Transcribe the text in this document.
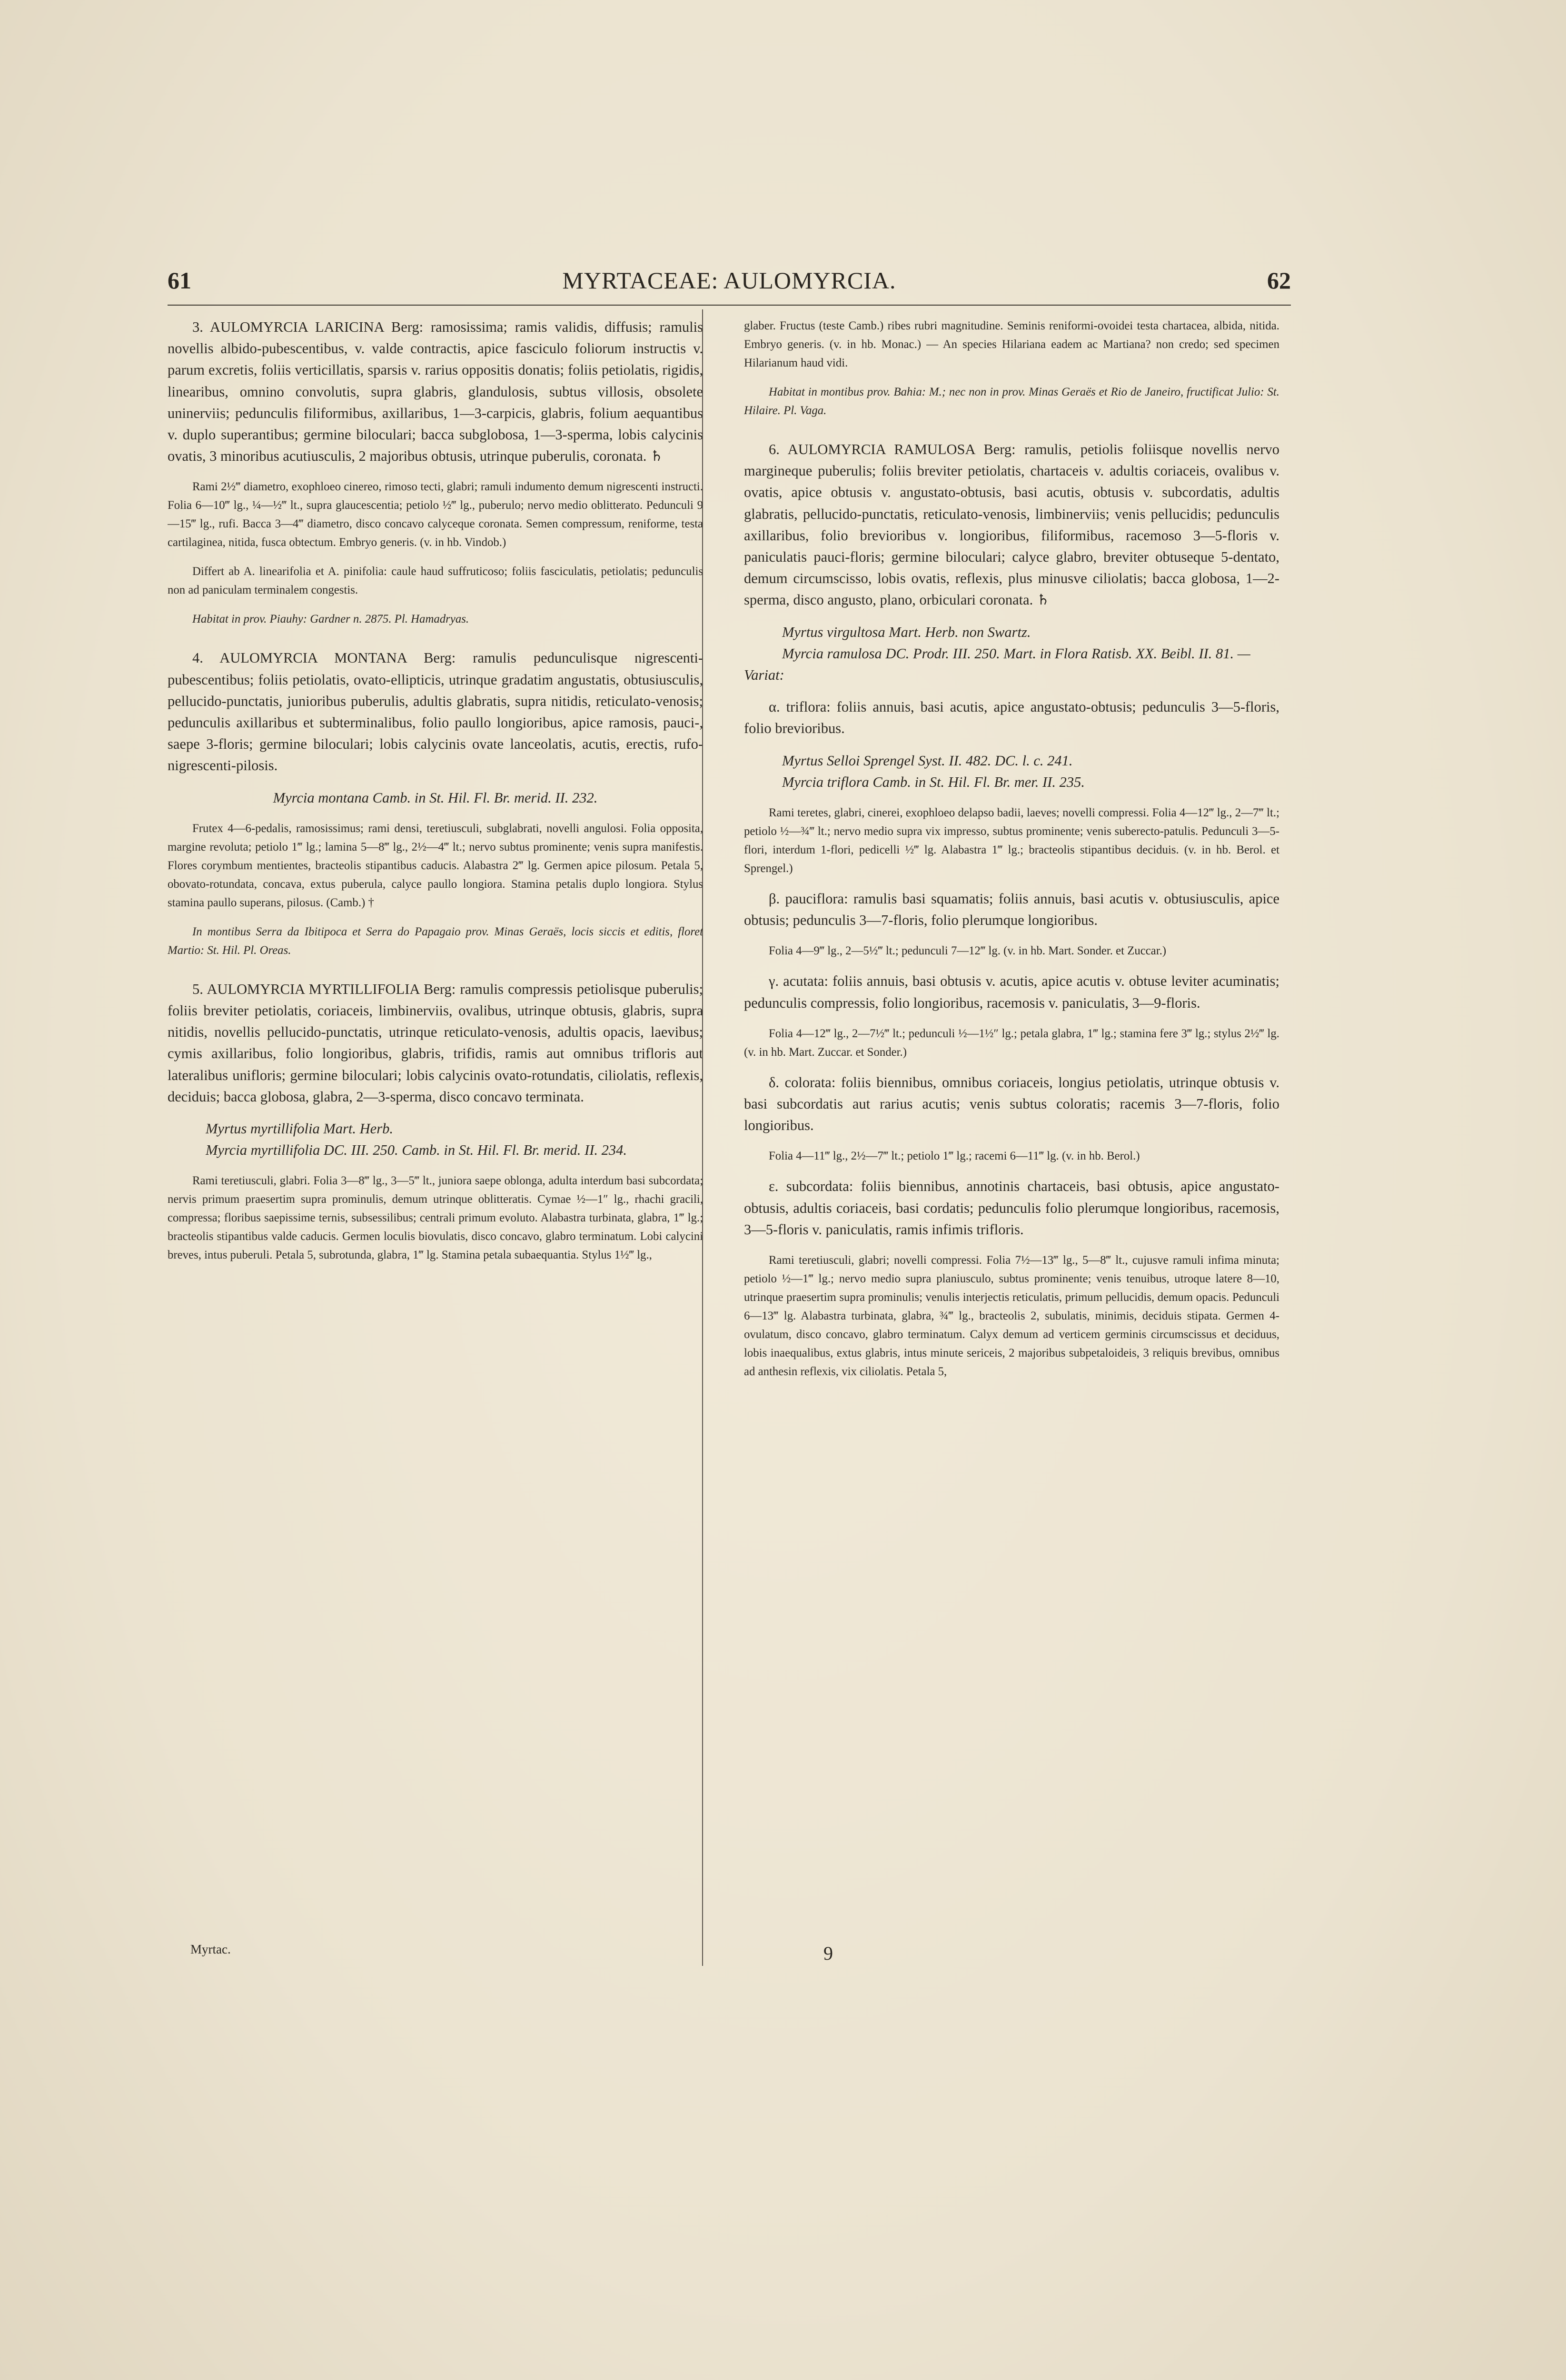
61	MYRTACEAE: AULOMYRCIA.	62

3. AULOMYRCIA LARICINA Berg: ramosissima; ramis validis, diffusis; ramulis novellis albido-pubescentibus, v. valde contractis, apice fasciculo foliorum instructis v. parum excretis, foliis verticillatis, sparsis v. rarius oppositis donatis; foliis petiolatis, rigidis, linearibus, omnino convolutis, supra glabris, glandulosis, subtus villosis, obsolete uninerviis; pedunculis filiformibus, axillaribus, 1—3-carpicis, glabris, folium aequantibus v. duplo superantibus; germine biloculari; bacca subglobosa, 1—3-sperma, lobis calycinis ovatis, 3 minoribus acutiusculis, 2 majoribus obtusis, utrinque puberulis, coronata. ♄

Rami 2½‴ diametro, exophloeo cinereo, rimoso tecti, glabri; ramuli indumento demum nigrescenti instructi. Folia 6—10‴ lg., ¼—½‴ lt., supra glaucescentia; petiolo ½‴ lg., puberulo; nervo medio oblitterato. Pedunculi 9—15‴ lg., rufi. Bacca 3—4‴ diametro, disco concavo calyceque coronata. Semen compressum, reniforme, testa cartilaginea, nitida, fusca obtectum. Embryo generis. (v. in hb. Vindob.)

Differt ab A. linearifolia et A. pinifolia: caule haud suffruticoso; foliis fasciculatis, petiolatis; pedunculis non ad paniculam terminalem congestis.

Habitat in prov. Piauhy: Gardner n. 2875. Pl. Hamadryas.

4. AULOMYRCIA MONTANA Berg: ramulis pedunculisque nigrescenti-pubescentibus; foliis petiolatis, ovato-ellipticis, utrinque gradatim angustatis, obtusiusculis, pellucido-punctatis, junioribus puberulis, adultis glabratis, supra nitidis, reticulato-venosis; pedunculis axillaribus et subterminalibus, folio paullo longioribus, apice ramosis, pauci-, saepe 3-floris; germine biloculari; lobis calycinis ovate lanceolatis, acutis, erectis, rufo-nigrescenti-pilosis.

Myrcia montana Camb. in St. Hil. Fl. Br. merid. II. 232.

Frutex 4—6-pedalis, ramosissimus; rami densi, teretiusculi, subglabrati, novelli angulosi. Folia opposita, margine revoluta; petiolo 1‴ lg.; lamina 5—8‴ lg., 2½—4‴ lt.; nervo subtus prominente; venis supra manifestis. Flores corymbum mentientes, bracteolis stipantibus caducis. Alabastra 2‴ lg. Germen apice pilosum. Petala 5, obovato-rotundata, concava, extus puberula, calyce paullo longiora. Stamina petalis duplo longiora. Stylus stamina paullo superans, pilosus. (Camb.) †

In montibus Serra da Ibitipoca et Serra do Papagaio prov. Minas Geraës, locis siccis et editis, floret Martio: St. Hil. Pl. Oreas.

5. AULOMYRCIA MYRTILLIFOLIA Berg: ramulis compressis petiolisque puberulis; foliis breviter petiolatis, coriaceis, limbinerviis, ovalibus, utrinque obtusis, glabris, supra nitidis, novellis pellucido-punctatis, utrinque reticulato-venosis, adultis opacis, laevibus; cymis axillaribus, folio longioribus, glabris, trifidis, ramis aut omnibus trifloris aut lateralibus unifloris; germine biloculari; lobis calycinis ovato-rotundatis, ciliolatis, reflexis, deciduis; bacca globosa, glabra, 2—3-sperma, disco concavo terminata.

Myrtus myrtillifolia Mart. Herb.

Myrcia myrtillifolia DC. III. 250. Camb. in St. Hil. Fl. Br. merid. II. 234.

Rami teretiusculi, glabri. Folia 3—8‴ lg., 3—5‴ lt., juniora saepe oblonga, adulta interdum basi subcordata; nervis primum praesertim supra prominulis, demum utrinque oblitteratis. Cymae ½—1″ lg., rhachi gracili, compressa; floribus saepissime ternis, subsessilibus; centrali primum evoluto. Alabastra turbinata, glabra, 1‴ lg.; bracteolis stipantibus valde caducis. Germen loculis biovulatis, disco concavo, glabro terminatum. Lobi calycini breves, intus puberuli. Petala 5, subrotunda, glabra, 1‴ lg. Stamina petala subaequantia. Stylus 1½‴ lg.,

glaber. Fructus (teste Camb.) ribes rubri magnitudine. Seminis reniformi-ovoidei testa chartacea, albida, nitida. Embryo generis. (v. in hb. Monac.) — An species Hilariana eadem ac Martiana? non credo; sed specimen Hilarianum haud vidi.

Habitat in montibus prov. Bahia: M.; nec non in prov. Minas Geraës et Rio de Janeiro, fructificat Julio: St. Hilaire. Pl. Vaga.

6. AULOMYRCIA RAMULOSA Berg: ramulis, petiolis foliisque novellis nervo margineque puberulis; foliis breviter petiolatis, chartaceis v. adultis coriaceis, ovalibus v. ovatis, apice obtusis v. angustato-obtusis, basi acutis, obtusis v. subcordatis, adultis glabratis, pellucido-punctatis, reticulato-venosis, limbinerviis; venis pellucidis; pedunculis axillaribus, folio brevioribus v. longioribus, filiformibus, racemoso 3—5-floris v. paniculatis pauci-floris; germine biloculari; calyce glabro, breviter obtuseque 5-dentato, demum circumscisso, lobis ovatis, reflexis, plus minusve ciliolatis; bacca globosa, 1—2-sperma, disco angusto, plano, orbiculari coronata. ♄

Myrtus virgultosa Mart. Herb. non Swartz.

Myrcia ramulosa DC. Prodr. III. 250. Mart. in Flora Ratisb. XX. Beibl. II. 81. — Variat:

α. triflora: foliis annuis, basi acutis, apice angustato-obtusis; pedunculis 3—5-floris, folio brevioribus.

Myrtus Selloi Sprengel Syst. II. 482. DC. l. c. 241.

Myrcia triflora Camb. in St. Hil. Fl. Br. mer. II. 235.

Rami teretes, glabri, cinerei, exophloeo delapso badii, laeves; novelli compressi. Folia 4—12‴ lg., 2—7‴ lt.; petiolo ½—¾‴ lt.; nervo medio supra vix impresso, subtus prominente; venis suberecto-patulis. Pedunculi 3—5-flori, interdum 1-flori, pedicelli ½‴ lg. Alabastra 1‴ lg.; bracteolis stipantibus deciduis. (v. in hb. Berol. et Sprengel.)

β. pauciflora: ramulis basi squamatis; foliis annuis, basi acutis v. obtusiusculis, apice obtusis; pedunculis 3—7-floris, folio plerumque longioribus.

Folia 4—9‴ lg., 2—5½‴ lt.; pedunculi 7—12‴ lg. (v. in hb. Mart. Sonder. et Zuccar.)

γ. acutata: foliis annuis, basi obtusis v. acutis, apice acutis v. obtuse leviter acuminatis; pedunculis compressis, folio longioribus, racemosis v. paniculatis, 3—9-floris.

Folia 4—12‴ lg., 2—7½‴ lt.; pedunculi ½—1½″ lg.; petala glabra, 1‴ lg.; stamina fere 3‴ lg.; stylus 2½‴ lg. (v. in hb. Mart. Zuccar. et Sonder.)

δ. colorata: foliis biennibus, omnibus coriaceis, longius petiolatis, utrinque obtusis v. basi subcordatis aut rarius acutis; venis subtus coloratis; racemis 3—7-floris, folio longioribus.

Folia 4—11‴ lg., 2½—7‴ lt.; petiolo 1‴ lg.; racemi 6—11‴ lg. (v. in hb. Berol.)

ε. subcordata: foliis biennibus, annotinis chartaceis, basi obtusis, apice angustato-obtusis, adultis coriaceis, basi cordatis; pedunculis folio plerumque longioribus, racemosis, 3—5-floris v. paniculatis, ramis infimis trifloris.

Rami teretiusculi, glabri; novelli compressi. Folia 7½—13‴ lg., 5—8‴ lt., cujusve ramuli infima minuta; petiolo ½—1‴ lg.; nervo medio supra planiusculo, subtus prominente; venis tenuibus, utroque latere 8—10, utrinque praesertim supra prominulis; venulis interjectis reticulatis, primum pellucidis, demum opacis. Pedunculi 6—13‴ lg. Alabastra turbinata, glabra, ¾‴ lg., bracteolis 2, subulatis, minimis, deciduis stipata. Germen 4-ovulatum, disco concavo, glabro terminatum. Calyx demum ad verticem germinis circumscissus et deciduus, lobis inaequalibus, extus glabris, intus minute sericeis, 2 majoribus subpetaloideis, 3 reliquis brevibus, omnibus ad anthesin reflexis, vix ciliolatis. Petala 5,

Myrtac.	9
